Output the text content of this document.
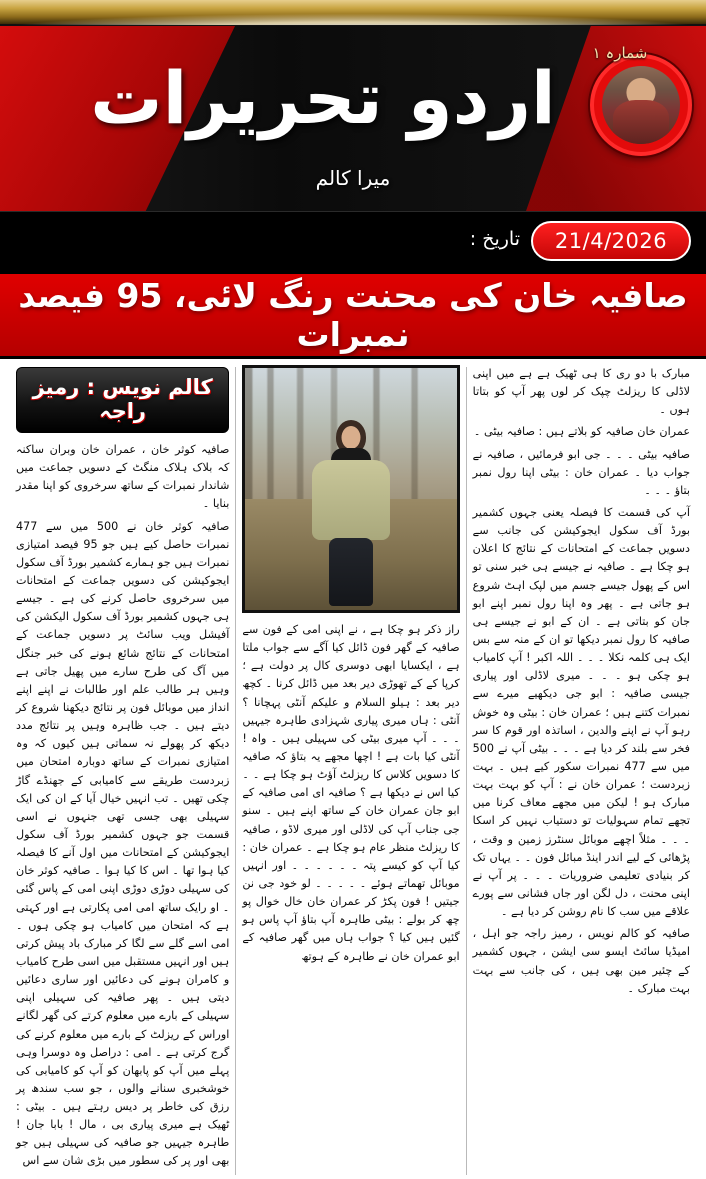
شمارہ ۱
اردو تحریرات
میرا کالم
تاریخ :	21/4/2026
صافیہ خان کی محنت رنگ لائی، 95 فیصد نمبرات

مبارک با دو ری کا ہی ٹھیک ہے ہے میں اپنی لاڈلی کا ریزلٹ چپک کر لوں پھر آپ کو بتاتا ہوں ۔

عمران خان صافیہ کو بلاتے ہیں : صافیہ بیٹی ۔

صافیہ بیٹی ۔ ۔ ۔ جی ابو فرمائیں ، صافیہ نے جواب دیا ۔ عمران خان : بیٹی اپنا رول نمبر بتاؤ ۔ ۔ ۔

آپ کی قسمت کا فیصلہ یعنی جہوں کشمیر بورڈ آف سکول ایجوکیشن کی جانب سے دسویں جماعت کے امتحانات کے نتائج کا اعلان ہو چکا ہے ۔ صافیہ نے جیسے ہی خبر سنی تو اس کے پھول جیسے جسم میں لپک اہٹ شروع ہو جاتی ہے ۔ پھر وہ اپنا رول نمبر اپنے ابو جان کو بتاتی ہے ۔ ان کے ابو نے جیسے ہی صافیہ کا رول نمبر دیکھا تو ان کے منہ سے بس ایک ہی کلمہ نکلا ۔ ۔ ۔ اللہ اکبر ! آپ کامیاب ہو چکی ہو ۔ ۔ ۔ میری لاڈلی اور پیاری جیسی صافیہ : ابو جی دیکھیے میرے سے نمبرات کتنے ہیں ؛ عمران خان : بیٹی وہ خوش رہو آپ نے اپنے والدین ، اساتذہ اور قوم کا سر فخر سے بلند کر دیا ہے ۔ ۔ ۔ بیٹی آپ نے 500 میں سے 477 نمبرات سکور کیے ہیں ۔ بہت زبردست ؛ عمران خان نے : آپ کو بہت بہت مبارک ہو ! لیکن میں مجھے معاف کرنا میں تجھے تمام سہولیات تو دستیاب نہیں کر اسکا ۔ ۔ ۔ مثلاً اچھے موبائل سنٹرز زمین و وقت ، پڑھائی کے لیے اندر اینڈ مبائل فون ۔ ۔ یہاں تک کر بنیادی تعلیمی ضروریات ۔ ۔ ۔ پر آپ نے اپنی محنت ، دل لگن اور جاں فشانی سے پورے علاقے میں سب کا نام روشن کر دیا ہے ۔

صافیہ کو کالم نویس ، رمیز راجہ جو اہل ، امیڈیا سائٹ ایسو سی ایشن ، جہوں کشمیر کے چئیر مین بھی ہیں ، کی جانب سے بہت بہت مبارک ۔

راز ذکر ہو چکا ہے ، نے اپنی امی کے فون سے صافیہ کے گھر فون ڈائل کیا آگے سے جواب ملتا ہے ، ایکسایا ابھی دوسری کال پر دولت ہے ؛ کرپا کے کے تھوڑی دیر بعد میں ڈائل کرنا ۔ کچھ دیر بعد : ہیلو السلام و علیکم آنٹی پہچانا ؟ آنٹی : ہاں میری پیاری شہزادی طاہرہ جیہیں ۔ ۔ ۔ آپ میری بیٹی کی سہیلی ہیں ۔ واہ ! آنٹی کیا بات ہے ! اچھا مجھے یہ بتاؤ کہ صافیہ کا دسویں کلاس کا ریزلٹ آؤٹ ہو چکا ہے ۔ ۔ کیا اس نے دیکھا ہے ؟ صافیہ ای امی صافیہ کے ابو جان عمران خان کے ساتھ اپنے ہیں ۔ سنو جی جناب آپ کی لاڈلی اور میری لاڈو ، صافیہ کا ریزلٹ منظر عام ہو چکا ہے ۔ عمران خان : کیا آپ کو کیسے پتہ ۔ ۔ ۔ ۔ ۔ ۔ اور انہیں موبائل تھماتے ہوئے ۔ ۔ ۔ ۔ ۔ لو خود جی نن جیتیں ! فون پکڑ کر عمران خان خال خوال پو چھ کر بولے : بیٹی طاہرہ آپ بتاؤ آپ پاس ہو گئیں ہیں کیا ؟ جواب ہاں میں گھر صافیہ کے ابو عمران خان نے طاہرہ کے ہوتھ

کالم نویس : رمیز راجہ

صافیہ کوثر خان ، عمران خان وبران ساکنہ کہ بلاک ہلاک منگٹ کے دسویں جماعت میں شاندار نمبرات کے ساتھ سرخروی کو اپنا مقدر بنایا ۔

صافیہ کوثر خان نے 500 میں سے 477 نمبرات حاصل کیے ہیں جو 95 فیصد امتیازی نمبرات ہیں جو ہمارے کشمیر بورڈ آف سکول ایجوکیشن کی دسویں جماعت کے امتحانات میں سرخروی حاصل کرنے کی ہے ۔ جیسے ہی جہوں کشمیر بورڈ آف سکول الیکشن کی آفیشل ویب سائٹ پر دسویں جماعت کے امتحانات کے نتائج شائع ہونے کی خبر جنگل میں آگ کی طرح سارے میں پھیل جاتی ہے وہیں ہر طالب علم اور طالبات نے اپنے اپنے انداز میں موبائل فون پر نتائج دیکھنا شروع کر دیتے ہیں ۔ جب ظاہرہ وہیں پر نتائج مدد دیکھ کر پھولے نہ سماتی ہیں کیوں کہ وہ امتیازی نمبرات کے ساتھ دوبارہ امتحان میں زبردست طریقے سے کامیابی کے جھنڈے گاڑ چکی تھیں ۔ تب انہیں خیال آیا کے ان کی ایک سہیلی بھی جسی تھی جنہوں نے اسی قسمت جو جہوں کشمیر بورڈ آف سکول ایجوکیشن کے امتحانات میں اول آنے کا فیصلہ کیا ہوا تھا ۔ اس کا کیا ہوا ۔ صافیہ کوثر خان کی سہیلی دوڑی دوڑی اپنی امی کے پاس گئی ۔ او رایک ساتھ امی امی پکارتی ہے اور کہتی ہے کہ امتحان میں کامیاب ہو چکی ہوں ۔ امی اسے گلے سے لگا کر مبارک باد پیش کرتی ہیں اور انہیں مستقبل میں اسی طرح کامیاب و کامران ہونے کی دعائیں اور ساری دعائیں دیتی ہیں ۔ پھر صافیہ کی سہیلی اپنی سہیلی کے بارے میں معلوم کرتے کی گھر لگانے اوراس کے ریزلٹ کے بارے میں معلوم کرنے کی گرج کرتی ہے ۔ امی : دراصل وہ دوسرا وہی پہلے میں آپ کو پابھان کو آپ کو کامیابی کی خوشخبری سنانے والوں ، جو سب سندھ پر رزق کی خاطر پر دیس رہتے ہیں ۔ بیٹی : ٹھیک ہے میری پیاری بی ، مال ! بابا جان ! طاہرہ جیہیں جو صافیہ کی سہیلی ہیں جو بھی اور پر کی سطور میں بڑی شان سے اس
